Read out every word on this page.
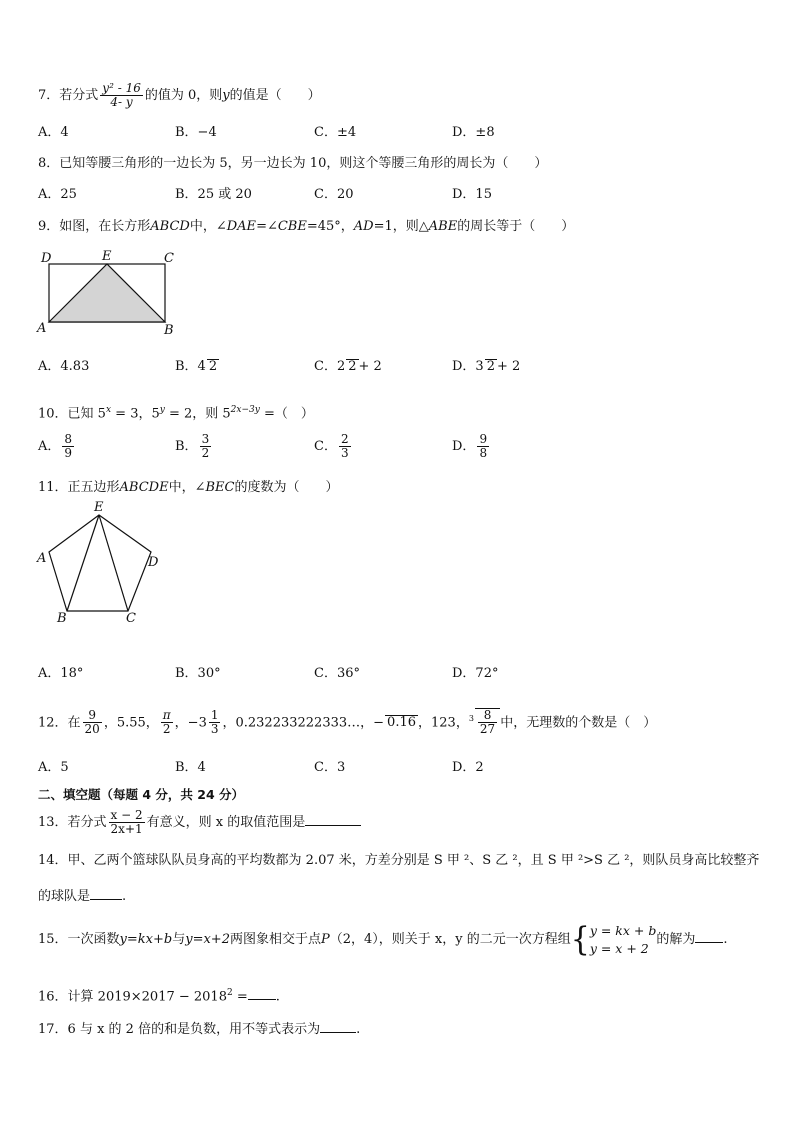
7．若分式 $\frac{\text{y² - 16}}{4- y}$ 的值为 0，则y的值是（　　）
A．4	B．−4	C．±4	D．±8
8．已知等腰三角形的一边长为 5，另一边长为 10，则这个等腰三角形的周长为（　　）
A．25	B．25 或 20	C．20	D．15
9．如图，在长方形ABCD中，∠DAE=∠CBE=45°，AD=1，则△ABE的周长等于（　　）
D	E	C
A	B
A．4.83	B．4 2	C．2 2 + 2	D．3 2 + 2
10．已知 $5^x = 3$，$5^y = 2$，则 $5^{2x-3y}$ =（　）
A． $\frac{8}{9}$	B． $\frac{3}{2}$	C． $\frac{2}{3}$	D． $\frac{9}{8}$
11．正五边形ABCDE中，∠BEC的度数为（　　）
E
A	D
B	C
A．18°	B．30°	C．36°	D．72°
12．在 $\frac{9}{20}$ ，5.55， $\frac{\pi}{2}$ ，$-3 \frac{1}{3}$ ，0.232233222333…，− 0.16 ，123，$^3 \frac{8}{27}$ 中，无理数的个数是（　）
A．5	B．4	C．3	D．2
二、填空题（每题 4 分，共 24 分）
13．若分式 $\frac{x - 2}{2x+1}$ 有意义，则 x 的取值范围是
14．甲、乙两个篮球队队员身高的平均数都为 2.07 米，方差分别是 S 甲 ²、S 乙 ²，且 S 甲 ²>S 乙 ²，则队员身高比较整齐
的球队是 .
15．一次函数y=kx+b与y=x+2两图象相交于点P（2，4），则关于 x，y 的二元一次方程组{ y = kx + b
y = x + 2
的解为 .
16．计算 $2019\times 2017 - 2018^2$ = .
17．6 与 x 的 2 倍的和是负数，用不等式表示为	.
